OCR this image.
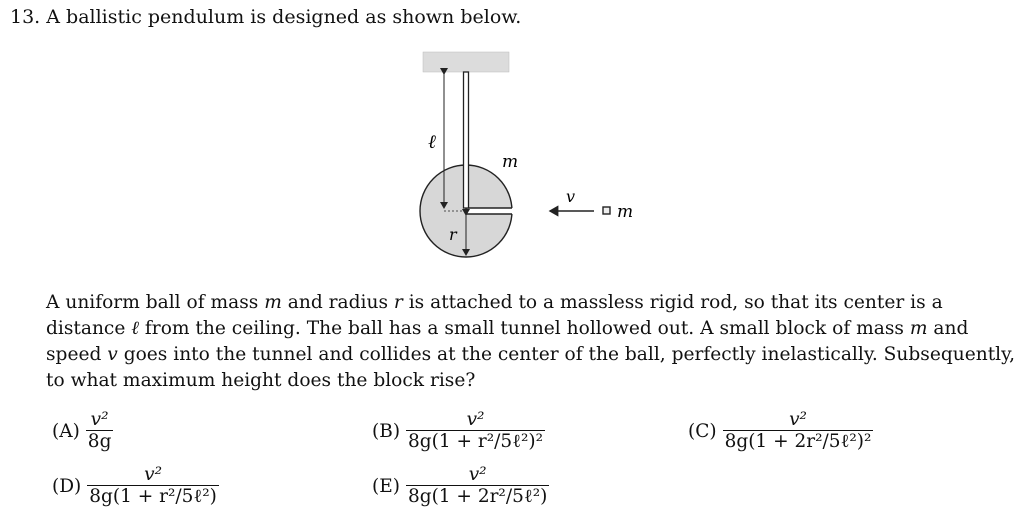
13. A ballistic pendulum is designed as shown below.
ℓ
m
r
v
m
A uniform ball of mass m and radius r is attached to a massless rigid rod, so that its center is a distance ℓ from the ceiling. The ball has a small tunnel hollowed out. A small block of mass m and speed v goes into the tunnel and collides at the center of the ball, perfectly inelastically. Subsequently, to what maximum height does the block rise?
$(A) \frac{\text{v²}}{8g}$	$(B) \frac{\text{v²}}{\text{8g(1 + r²/5ℓ²)²}}$	$(C) \frac{\text{v²}}{\text{8g(1 + 2r²/5ℓ²)²}}$
$(D) \frac{\text{v²}}{\text{8g(1 + r²/5ℓ²)}}$	$(E) \frac{\text{v²}}{\text{8g(1 + 2r²/5ℓ²)}}$
